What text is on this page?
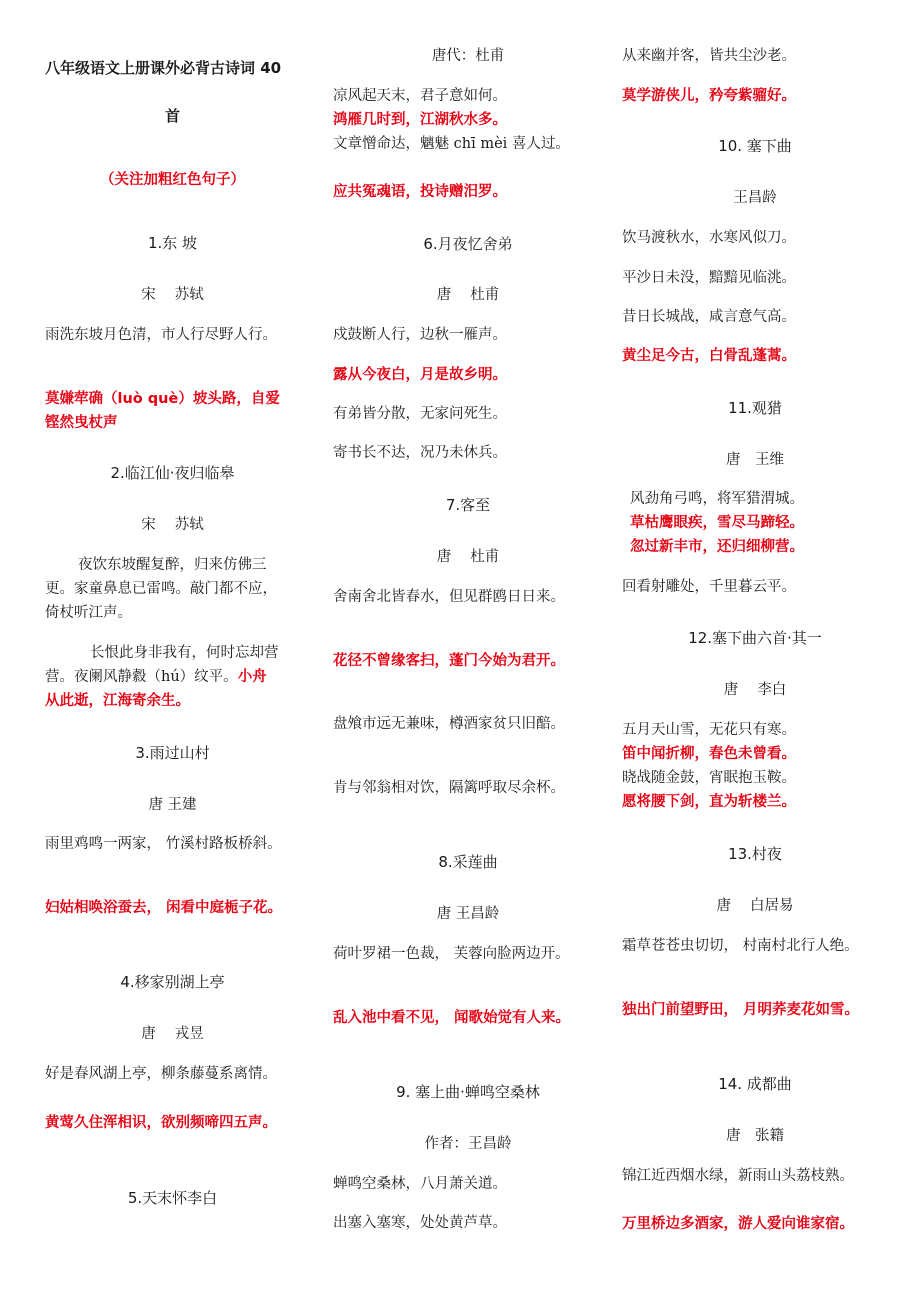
八年级语文上册课外必背古诗词 40
首
（关注加粗红色句子）
1.东 坡
宋　 苏轼
雨洗东坡月色清，市人行尽野人行。
莫嫌荦确（luò què）坡头路，自爱
铿然曳杖声
2.临江仙·夜归临皋
宋　 苏轼
夜饮东坡醒复醉，归来仿佛三
更。家童鼻息已雷鸣。敲门都不应，
倚杖听江声。
长恨此身非我有，何时忘却营
营。夜阑风静縠（hú）纹平。小舟
从此逝，江海寄余生。
3.雨过山村
唐 王建
雨里鸡鸣一两家， 竹溪村路板桥斜。
妇姑相唤浴蚕去， 闲看中庭栀子花。
4.移家别湖上亭
唐　 戎昱
好是春风湖上亭，柳条藤蔓系离情。
黄莺久住浑相识，欲别频啼四五声。
5.天末怀李白
唐代：杜甫
凉风起天末，君子意如何。
鸿雁几时到，江湖秋水多。
文章憎命达，魑魅 chī mèi 喜人过。
应共冤魂语，投诗赠汨罗。
6.月夜忆舍弟
唐　 杜甫
戍鼓断人行，边秋一雁声。
露从今夜白，月是故乡明。
有弟皆分散，无家问死生。
寄书长不达，况乃未休兵。
7.客至
唐　 杜甫
舍南舍北皆春水，但见群鸥日日来。
花径不曾缘客扫，蓬门今始为君开。
盘飧市远无兼味，樽酒家贫只旧醅。
肯与邻翁相对饮，隔篱呼取尽余杯。
8.采莲曲
唐 王昌龄
荷叶罗裙一色裁， 芙蓉向脸两边开。
乱入池中看不见， 闻歌始觉有人来。
9. 塞上曲·蝉鸣空桑林
作者：王昌龄
蝉鸣空桑林，八月萧关道。
出塞入塞寒，处处黄芦草。
从来幽并客，皆共尘沙老。
莫学游侠儿，矜夸紫骝好。
10. 塞下曲
王昌龄
饮马渡秋水，水寒风似刀。
平沙日未没，黯黯见临洮。
昔日长城战，咸言意气高。
黄尘足今古，白骨乱蓬蒿。
11.观猎
唐　王维
风劲角弓鸣，将军猎渭城。
草枯鹰眼疾，雪尽马蹄轻。
忽过新丰市，还归细柳营。
回看射雕处，千里暮云平。
12.塞下曲六首·其一
唐　 李白
五月天山雪，无花只有寒。
笛中闻折柳，春色未曾看。
晓战随金鼓，宵眠抱玉鞍。
愿将腰下剑，直为斩楼兰。
13.村夜
唐　 白居易
霜草苍苍虫切切， 村南村北行人绝。
独出门前望野田， 月明荞麦花如雪。
14. 成都曲
唐　张籍
锦江近西烟水绿，新雨山头荔枝熟。
万里桥边多酒家，游人爱向谁家宿。
